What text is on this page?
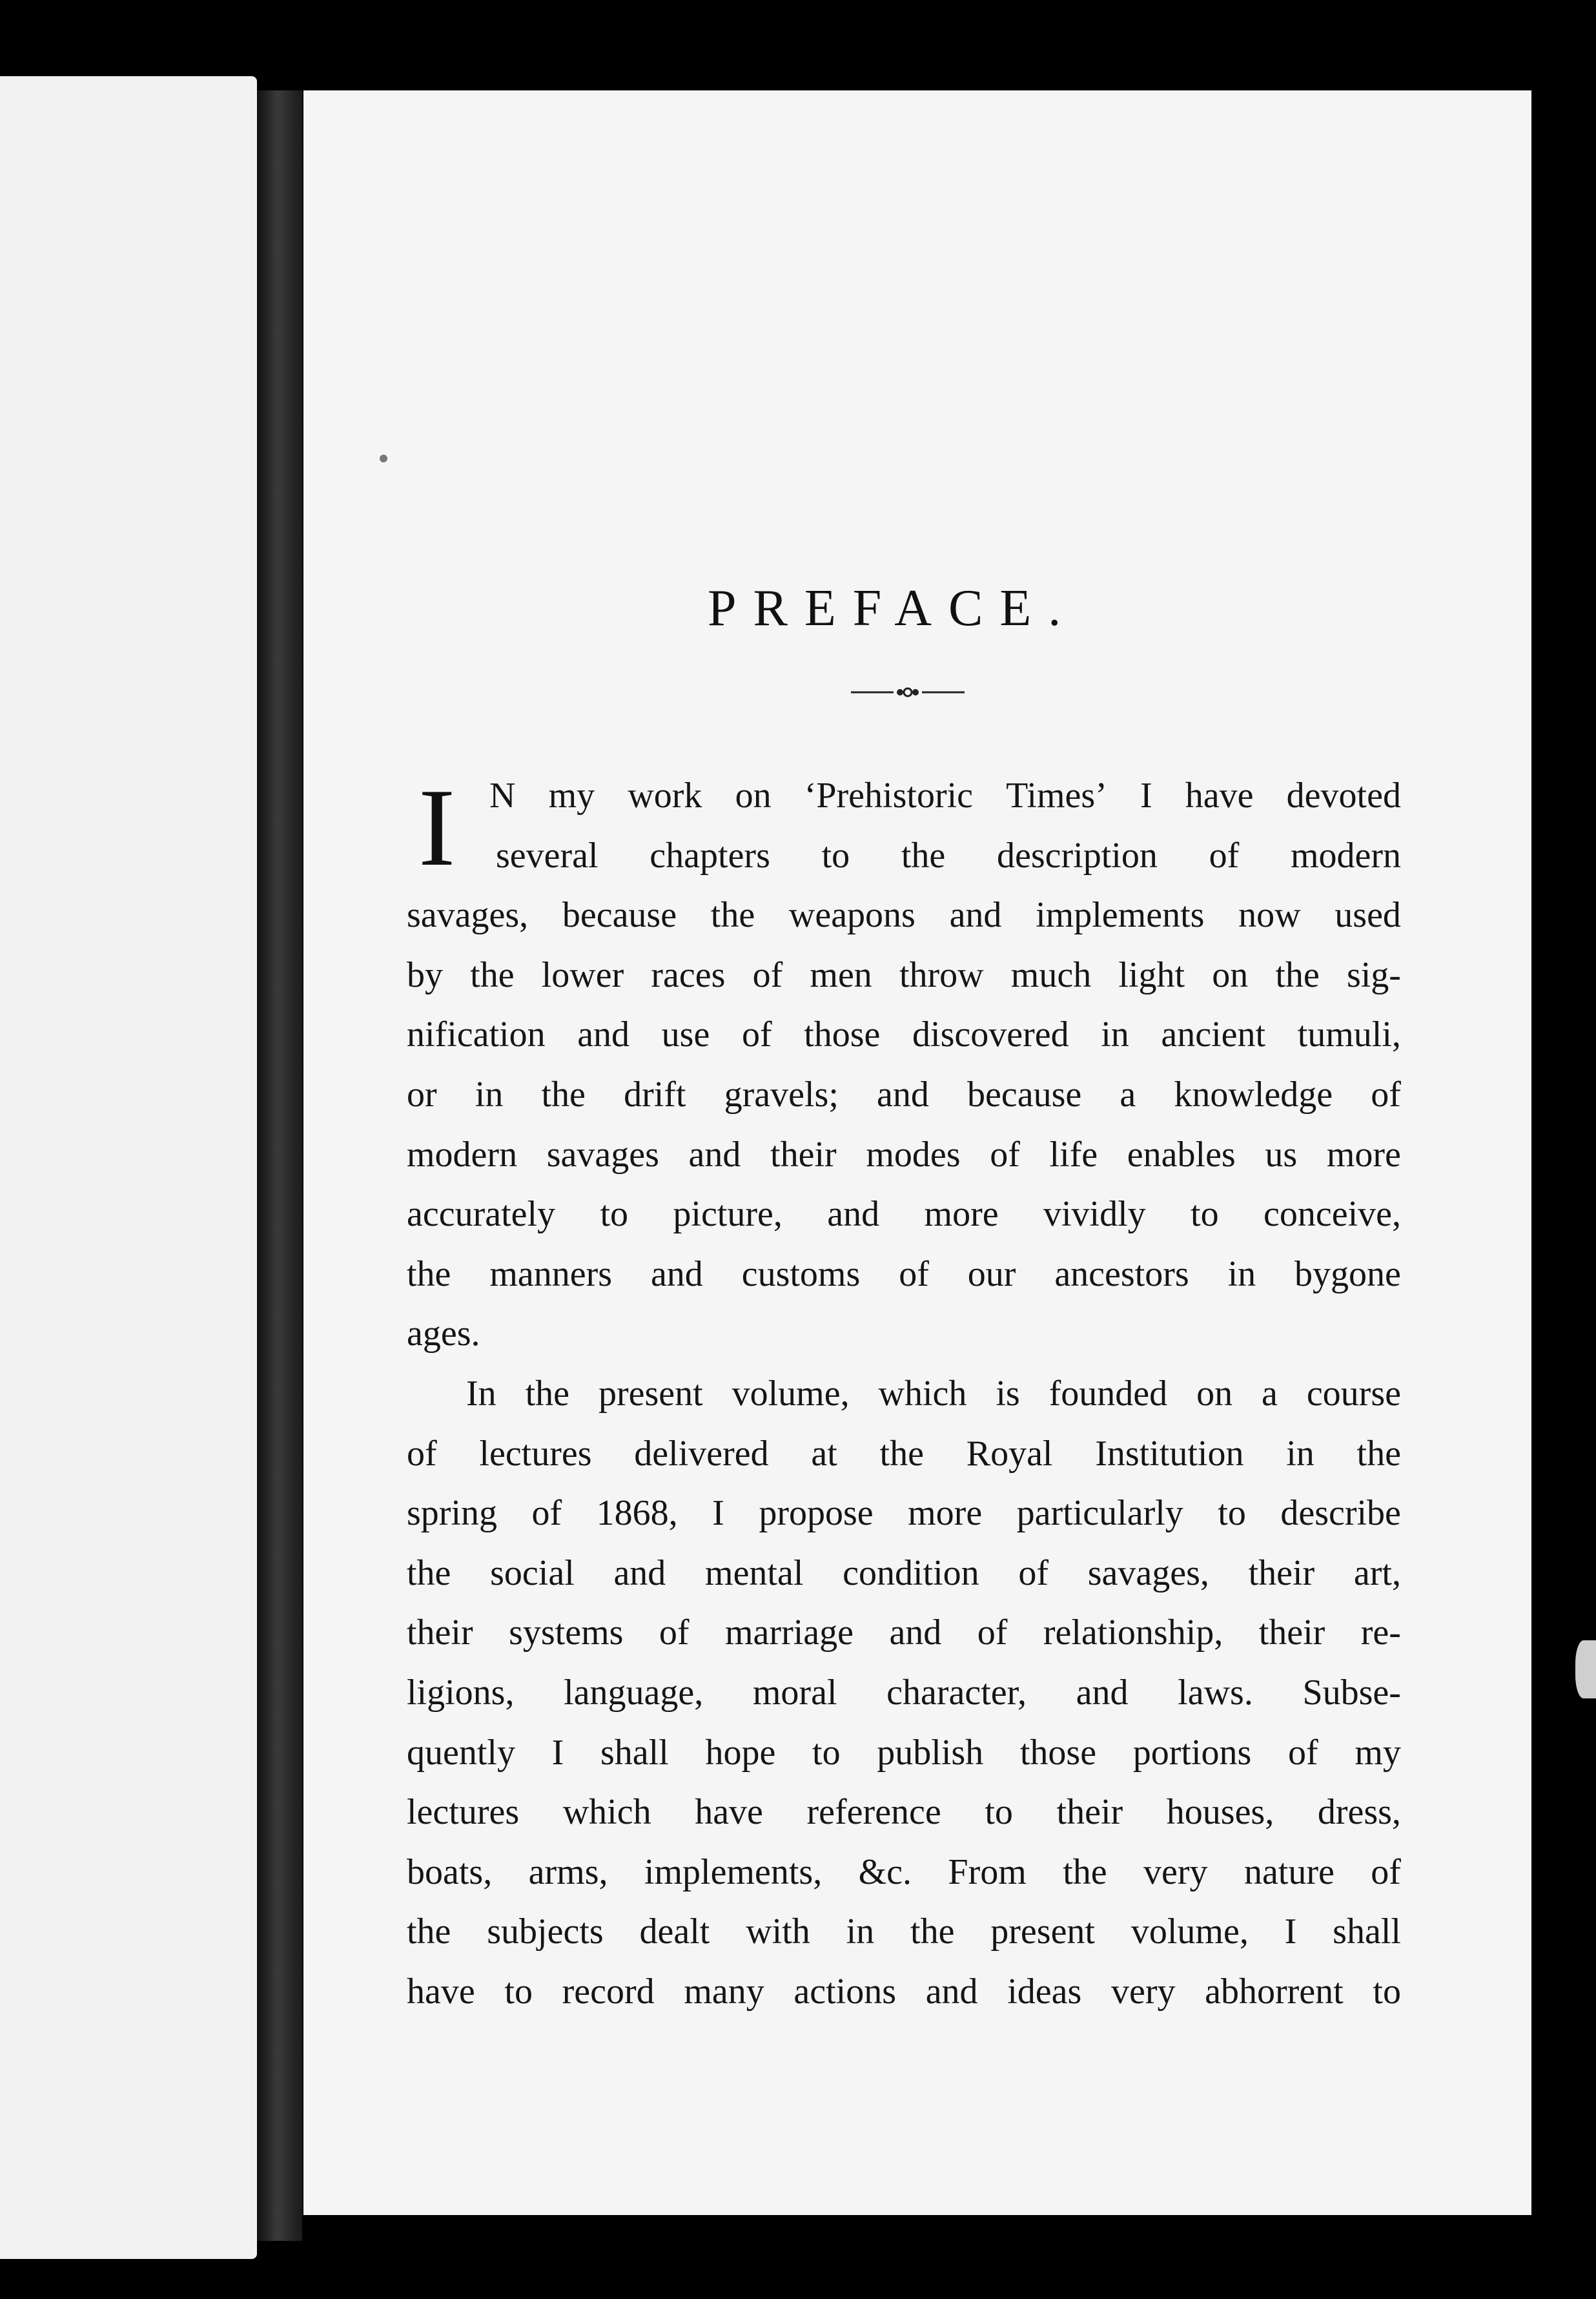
PREFACE.
I N my work on ‘Prehistoric Times’ I have devoted
several chapters to the description of modern
savages, because the weapons and implements now used
by the lower races of men throw much light on the sig-
nification and use of those discovered in ancient tumuli,
or in the drift gravels; and because a knowledge of
modern savages and their modes of life enables us more
accurately to picture, and more vividly to conceive,
the manners and customs of our ancestors in bygone
ages.
In the present volume, which is founded on a course
of lectures delivered at the Royal Institution in the
spring of 1868, I propose more particularly to describe
the social and mental condition of savages, their art,
their systems of marriage and of relationship, their re-
ligions, language, moral character, and laws. Subse-
quently I shall hope to publish those portions of my
lectures which have reference to their houses, dress,
boats, arms, implements, &c. From the very nature of
the subjects dealt with in the present volume, I shall
have to record many actions and ideas very abhorrent to
